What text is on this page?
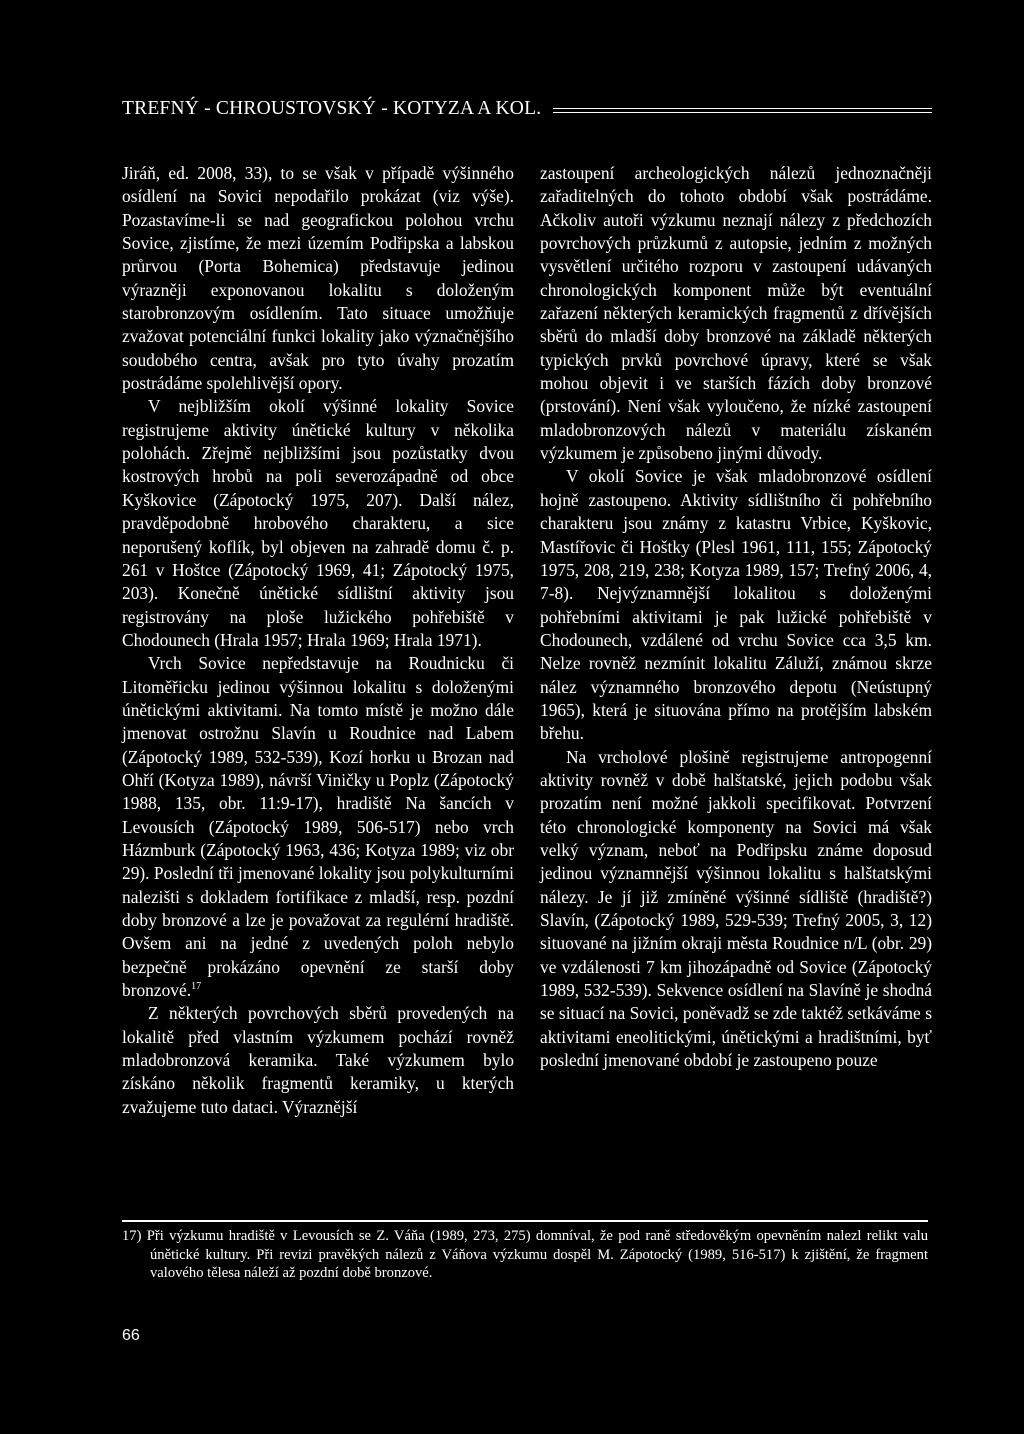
TREFNÝ - CHROUSTOVSKÝ - KOTYZA A KOL.

Jiráň, ed. 2008, 33), to se však v případě výšinného osídlení na Sovici nepodařilo prokázat (viz výše). Pozastavíme-li se nad geografickou polohou vrchu Sovice, zjistíme, že mezi územím Podřipska a labskou průrvou (Porta Bohemica) představuje jedinou výrazněji exponovanou lokalitu s doloženým starobronzovým osídlením. Tato situace umožňuje zvažovat potenciální funkci lokality jako význačnějšího soudobého centra, avšak pro tyto úvahy prozatím postrádáme spolehlivější opory.

V nejbližším okolí výšinné lokality Sovice registrujeme aktivity únětické kultury v několika polohách. Zřejmě nejbližšími jsou pozůstatky dvou kostrových hrobů na poli severozápadně od obce Kyškovice (Zápotocký 1975, 207). Další nález, pravděpodobně hrobového charakteru, a sice neporušený koflík, byl objeven na zahradě domu č. p. 261 v Hoštce (Zápotocký 1969, 41; Zápotocký 1975, 203). Konečně únětické sídlištní aktivity jsou registrovány na ploše lužického pohřebiště v Chodounech (Hrala 1957; Hrala 1969; Hrala 1971).

Vrch Sovice nepředstavuje na Roudnicku či Litoměřicku jedinou výšinnou lokalitu s doloženými únětickými aktivitami. Na tomto místě je možno dále jmenovat ostrožnu Slavín u Roudnice nad Labem (Zápotocký 1989, 532-539), Kozí horku u Brozan nad Ohří (Kotyza 1989), návrší Viničky u Poplz (Zápotocký 1988, 135, obr. 11:9-17), hradiště Na šancích v Levousích (Zápotocký 1989, 506-517) nebo vrch Házmburk (Zápotocký 1963, 436; Kotyza 1989; viz obr 29). Poslední tři jmenované lokality jsou polykulturními nalezišti s dokladem fortifikace z mladší, resp. pozdní doby bronzové a lze je považovat za regulérní hradiště. Ovšem ani na jedné z uvedených poloh nebylo bezpečně prokázáno opevnění ze starší doby bronzové.$^{17}$

Z některých povrchových sběrů provedených na lokalitě před vlastním výzkumem pochází rovněž mladobronzová keramika. Také výzkumem bylo získáno několik fragmentů keramiky, u kterých zvažujeme tuto dataci. Výraznější

zastoupení archeologických nálezů jednoznačněji zařaditelných do tohoto období však postrádáme. Ačkoliv autoři výzkumu neznají nálezy z předchozích povrchových průzkumů z autopsie, jedním z možných vysvětlení určitého rozporu v zastoupení udávaných chronologických komponent může být eventuální zařazení některých keramických fragmentů z dřívějších sběrů do mladší doby bronzové na základě některých typických prvků povrchové úpravy, které se však mohou objevit i ve starších fázích doby bronzové (prstování). Není však vyloučeno, že nízké zastoupení mladobronzových nálezů v materiálu získaném výzkumem je způsobeno jinými důvody.

V okolí Sovice je však mladobronzové osídlení hojně zastoupeno. Aktivity sídlištního či pohřebního charakteru jsou známy z katastru Vrbice, Kyškovic, Mastířovic či Hoštky (Plesl 1961, 111, 155; Zápotocký 1975, 208, 219, 238; Kotyza 1989, 157; Trefný 2006, 4, 7-8). Nejvýznamnější lokalitou s doloženými pohřebními aktivitami je pak lužické pohřebiště v Chodounech, vzdálené od vrchu Sovice cca 3,5 km. Nelze rovněž nezmínit lokalitu Záluží, známou skrze nález významného bronzového depotu (Neústupný 1965), která je situována přímo na protějším labském břehu.

Na vrcholové plošině registrujeme antropogenní aktivity rovněž v době halštatské, jejich podobu však prozatím není možné jakkoli specifikovat. Potvrzení této chronologické komponenty na Sovici má však velký význam, neboť na Podřipsku známe doposud jedinou významnější výšinnou lokalitu s halštatskými nálezy. Je jí již zmíněné výšinné sídliště (hradiště?) Slavín, (Zápotocký 1989, 529-539; Trefný 2005, 3, 12) situované na jižním okraji města Roudnice n/L (obr. 29) ve vzdálenosti 7 km jihozápadně od Sovice (Zápotocký 1989, 532-539). Sekvence osídlení na Slavíně je shodná se situací na Sovici, poněvadž se zde taktéž setkáváme s aktivitami eneolitickými, únětickými a hradištními, byť poslední jmenované období je zastoupeno pouze

17) Při výzkumu hradiště v Levousích se Z. Váňa (1989, 273, 275) domníval, že pod raně středověkým opevněním nalezl relikt valu únětické kultury. Při revizi pravěkých nálezů z Váňova výzkumu dospěl M. Zápotocký (1989, 516-517) k zjištění, že fragment valového tělesa náleží až pozdní době bronzové.
66
